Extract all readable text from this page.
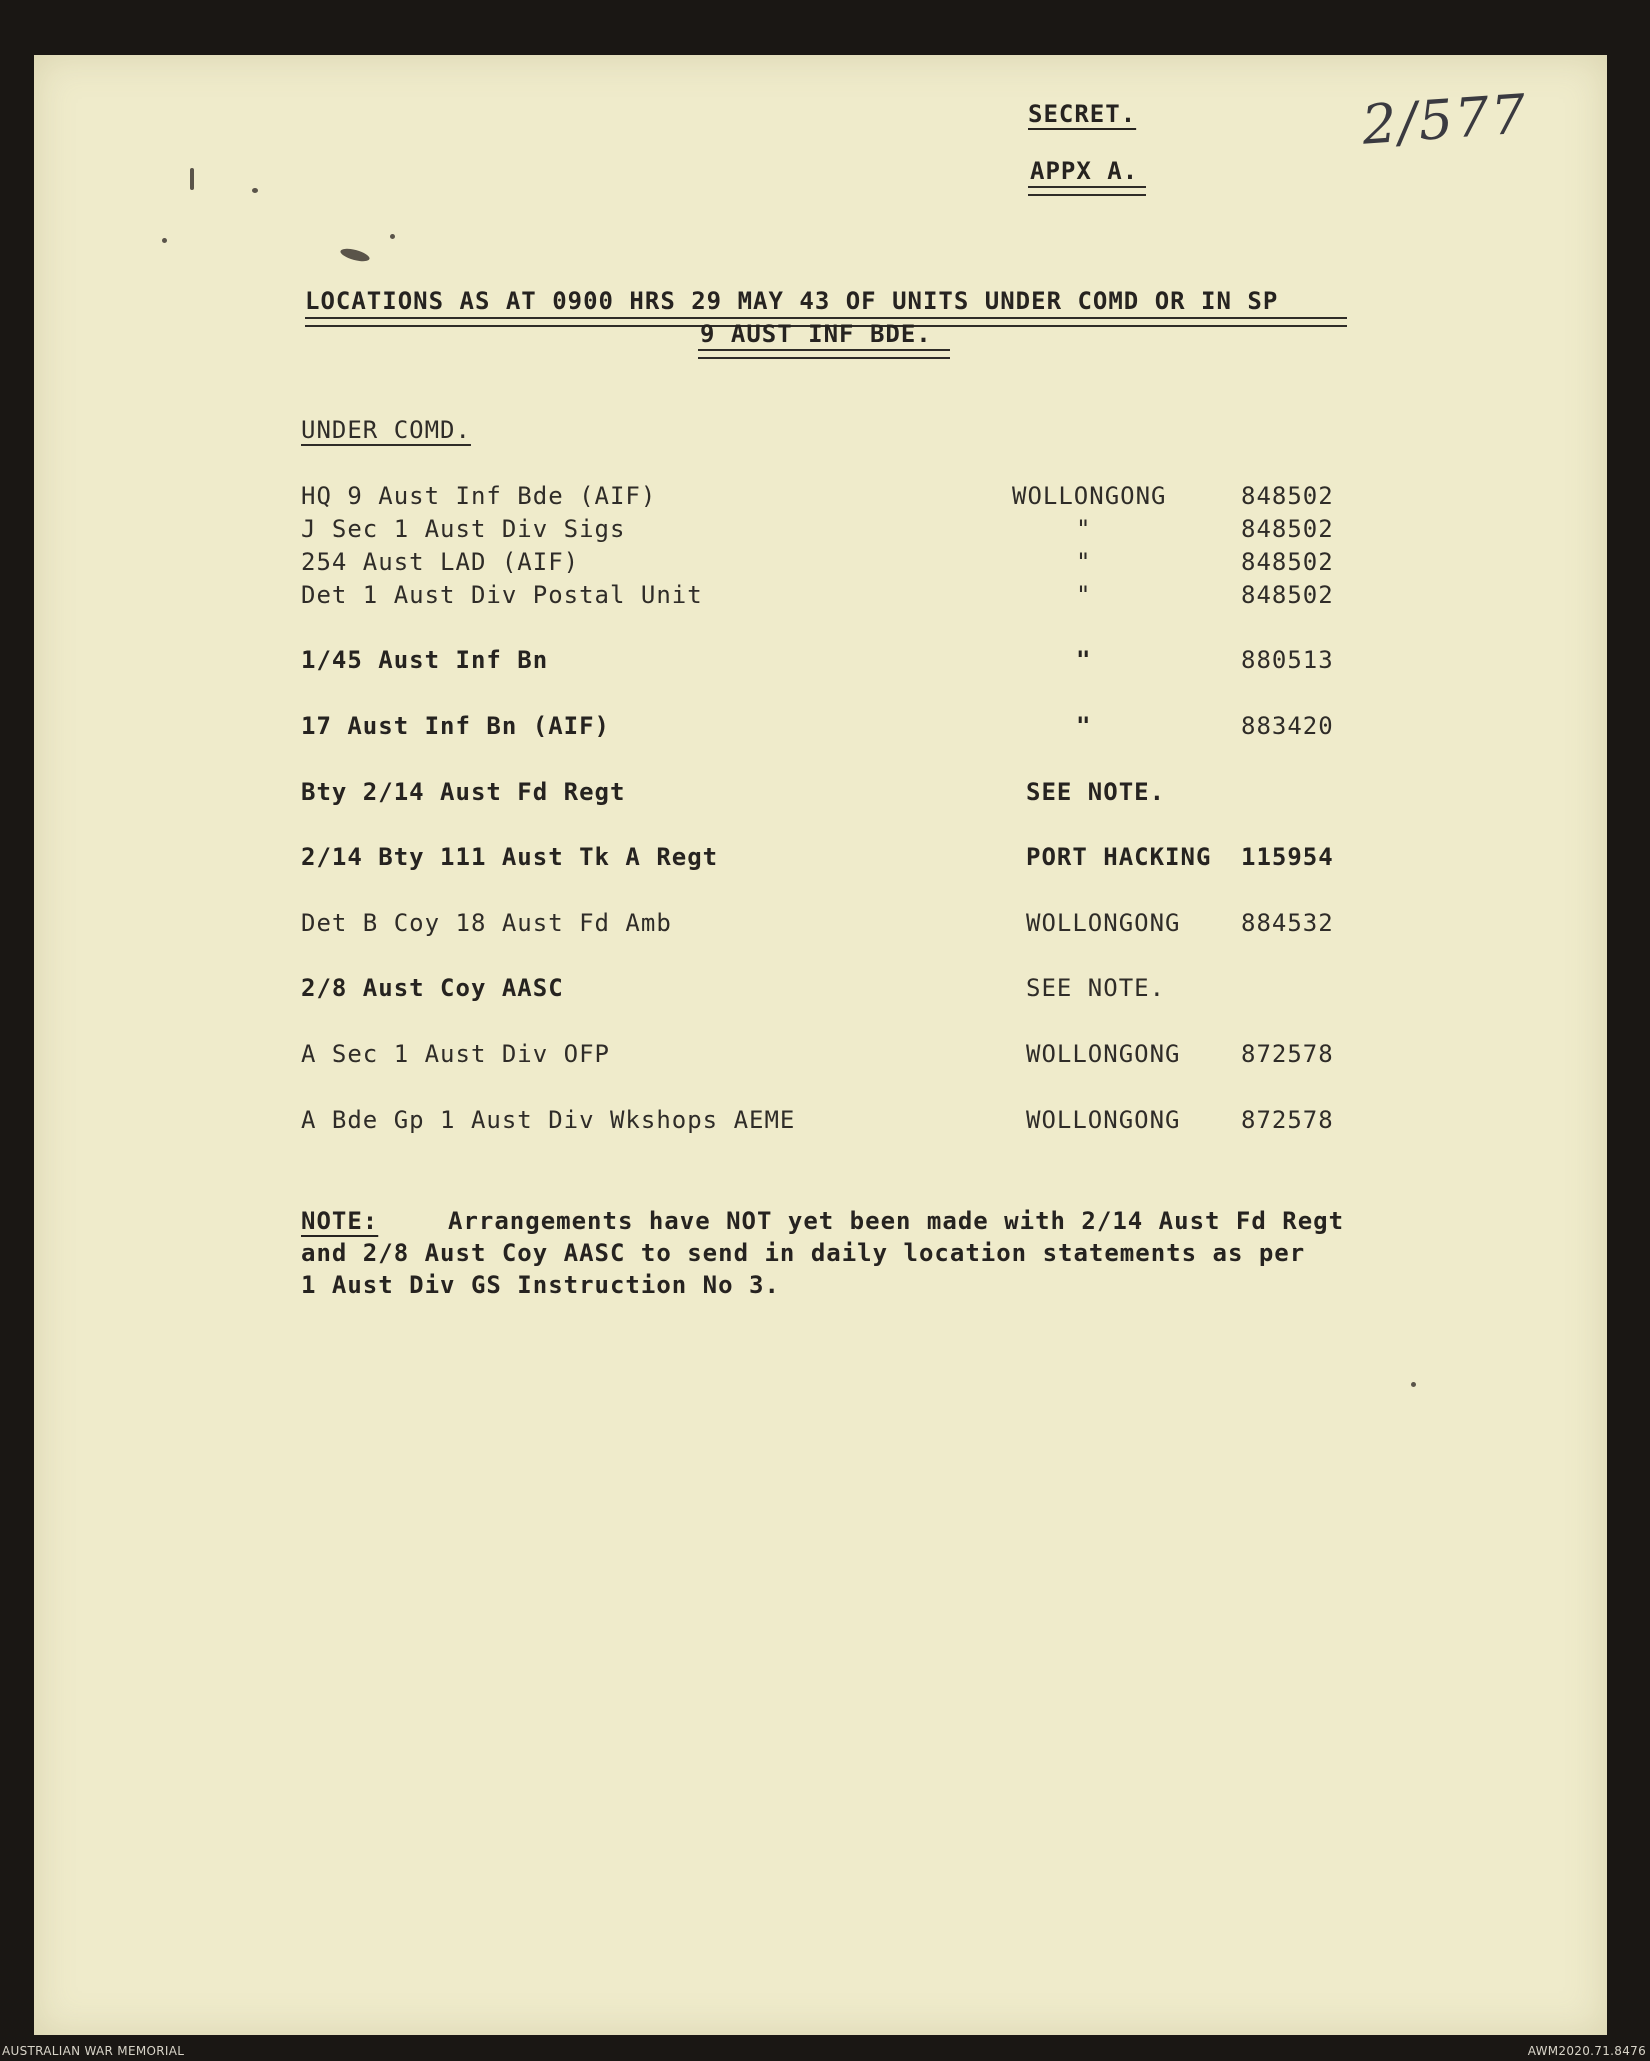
SECRET.
APPX A.
2/577
LOCATIONS AS AT 0900 HRS 29 MAY 43 OF UNITS UNDER COMD OR IN SP
9 AUST INF BDE.
UNDER COMD.
HQ 9 Aust Inf Bde (AIF)	WOLLONGONG	848502
J Sec 1 Aust Div Sigs	"	848502
254 Aust LAD (AIF)	"	848502
Det 1 Aust Div Postal Unit	"	848502
1/45 Aust Inf Bn	"	880513
17 Aust Inf Bn (AIF)	"	883420
Bty 2/14 Aust Fd Regt	SEE NOTE.
2/14 Bty 111 Aust Tk A Regt	PORT HACKING 115954
Det B Coy 18 Aust Fd Amb	WOLLONGONG	884532
2/8 Aust Coy AASC	SEE NOTE.
A Sec 1 Aust Div OFP	WOLLONGONG	872578
A Bde Gp 1 Aust Div Wkshops AEME	WOLLONGONG	872578
NOTE:	Arrangements have NOT yet been made with 2/14 Aust Fd Regt
and 2/8 Aust Coy AASC to send in daily location statements as per
1 Aust Div GS Instruction No 3.
AUSTRALIAN WAR MEMORIAL	AWM2020.71.8476
